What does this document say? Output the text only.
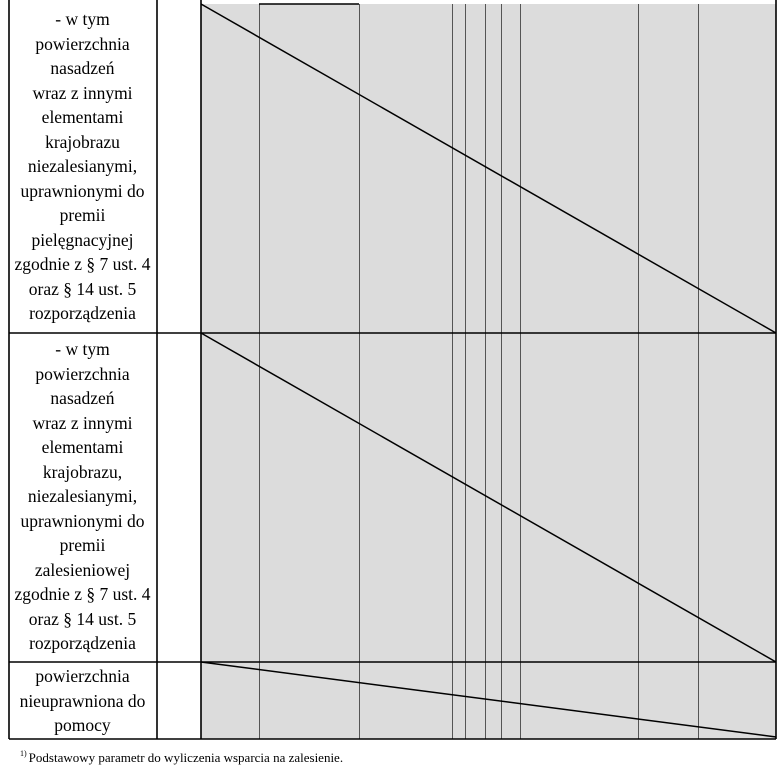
- w tym
powierzchnia
nasadzeń
wraz z innymi
elementami
krajobrazu
niezalesianymi,
uprawnionymi do
premii
pielęgnacyjnej
zgodnie z § 7 ust. 4
oraz § 14 ust. 5
rozporządzenia
- w tym
powierzchnia
nasadzeń
wraz z innymi
elementami
krajobrazu,
niezalesianymi,
uprawnionymi do
premii
zalesieniowej
zgodnie z § 7 ust. 4
oraz § 14 ust. 5
rozporządzenia
powierzchnia
nieuprawniona do
pomocy
$^{1)}$ Podstawowy parametr do wyliczenia wsparcia na zalesienie.
